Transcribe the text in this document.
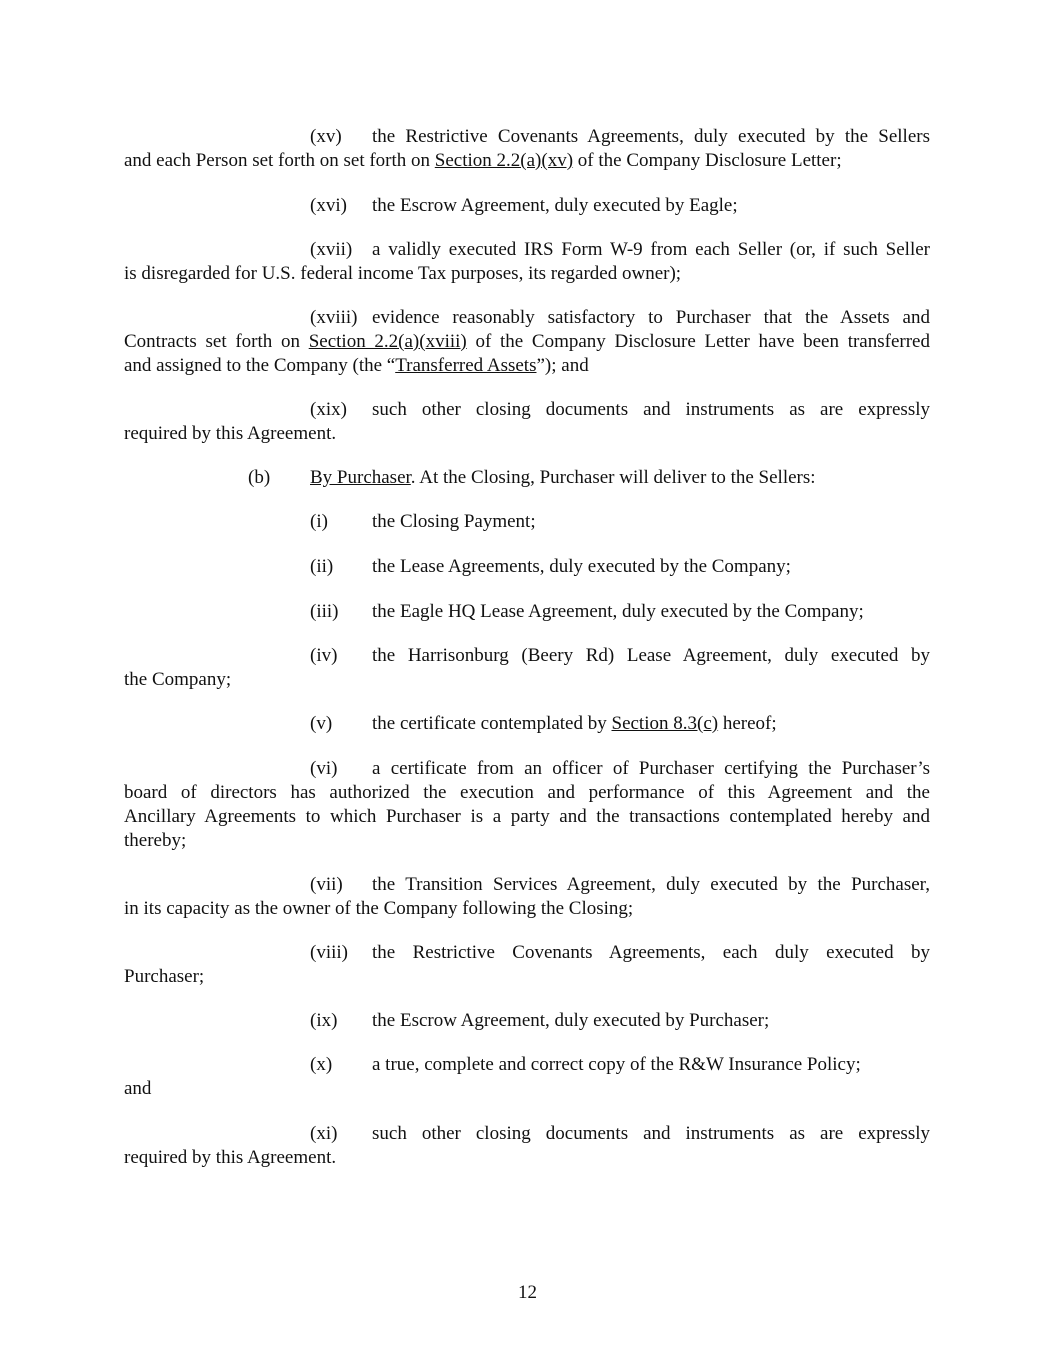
(xv) the Restrictive Covenants Agreements, duly executed by the Sellers
and each Person set forth on set forth on Section 2.2(a)(xv) of the Company Disclosure Letter;
(xvi) the Escrow Agreement, duly executed by Eagle;
(xvii) a validly executed IRS Form W-9 from each Seller (or, if such Seller
is disregarded for U.S. federal income Tax purposes, its regarded owner);
(xviii) evidence reasonably satisfactory to Purchaser that the Assets and
Contracts set forth on Section 2.2(a)(xviii) of the Company Disclosure Letter have been transferred
and assigned to the Company (the “Transferred Assets”); and
(xix) such other closing documents and instruments as are expressly
required by this Agreement.
(b) By Purchaser. At the Closing, Purchaser will deliver to the Sellers:
(i) the Closing Payment;
(ii) the Lease Agreements, duly executed by the Company;
(iii) the Eagle HQ Lease Agreement, duly executed by the Company;
(iv) the Harrisonburg (Beery Rd) Lease Agreement, duly executed by
the Company;
(v) the certificate contemplated by Section 8.3(c) hereof;
(vi) a certificate from an officer of Purchaser certifying the Purchaser’s
board of directors has authorized the execution and performance of this Agreement and the
Ancillary Agreements to which Purchaser is a party and the transactions contemplated hereby and
thereby;
(vii) the Transition Services Agreement, duly executed by the Purchaser,
in its capacity as the owner of the Company following the Closing;
(viii) the Restrictive Covenants Agreements, each duly executed by
Purchaser;
(ix) the Escrow Agreement, duly executed by Purchaser;
(x) a true, complete and correct copy of the R&W Insurance Policy;
and
(xi) such other closing documents and instruments as are expressly
required by this Agreement.
12
